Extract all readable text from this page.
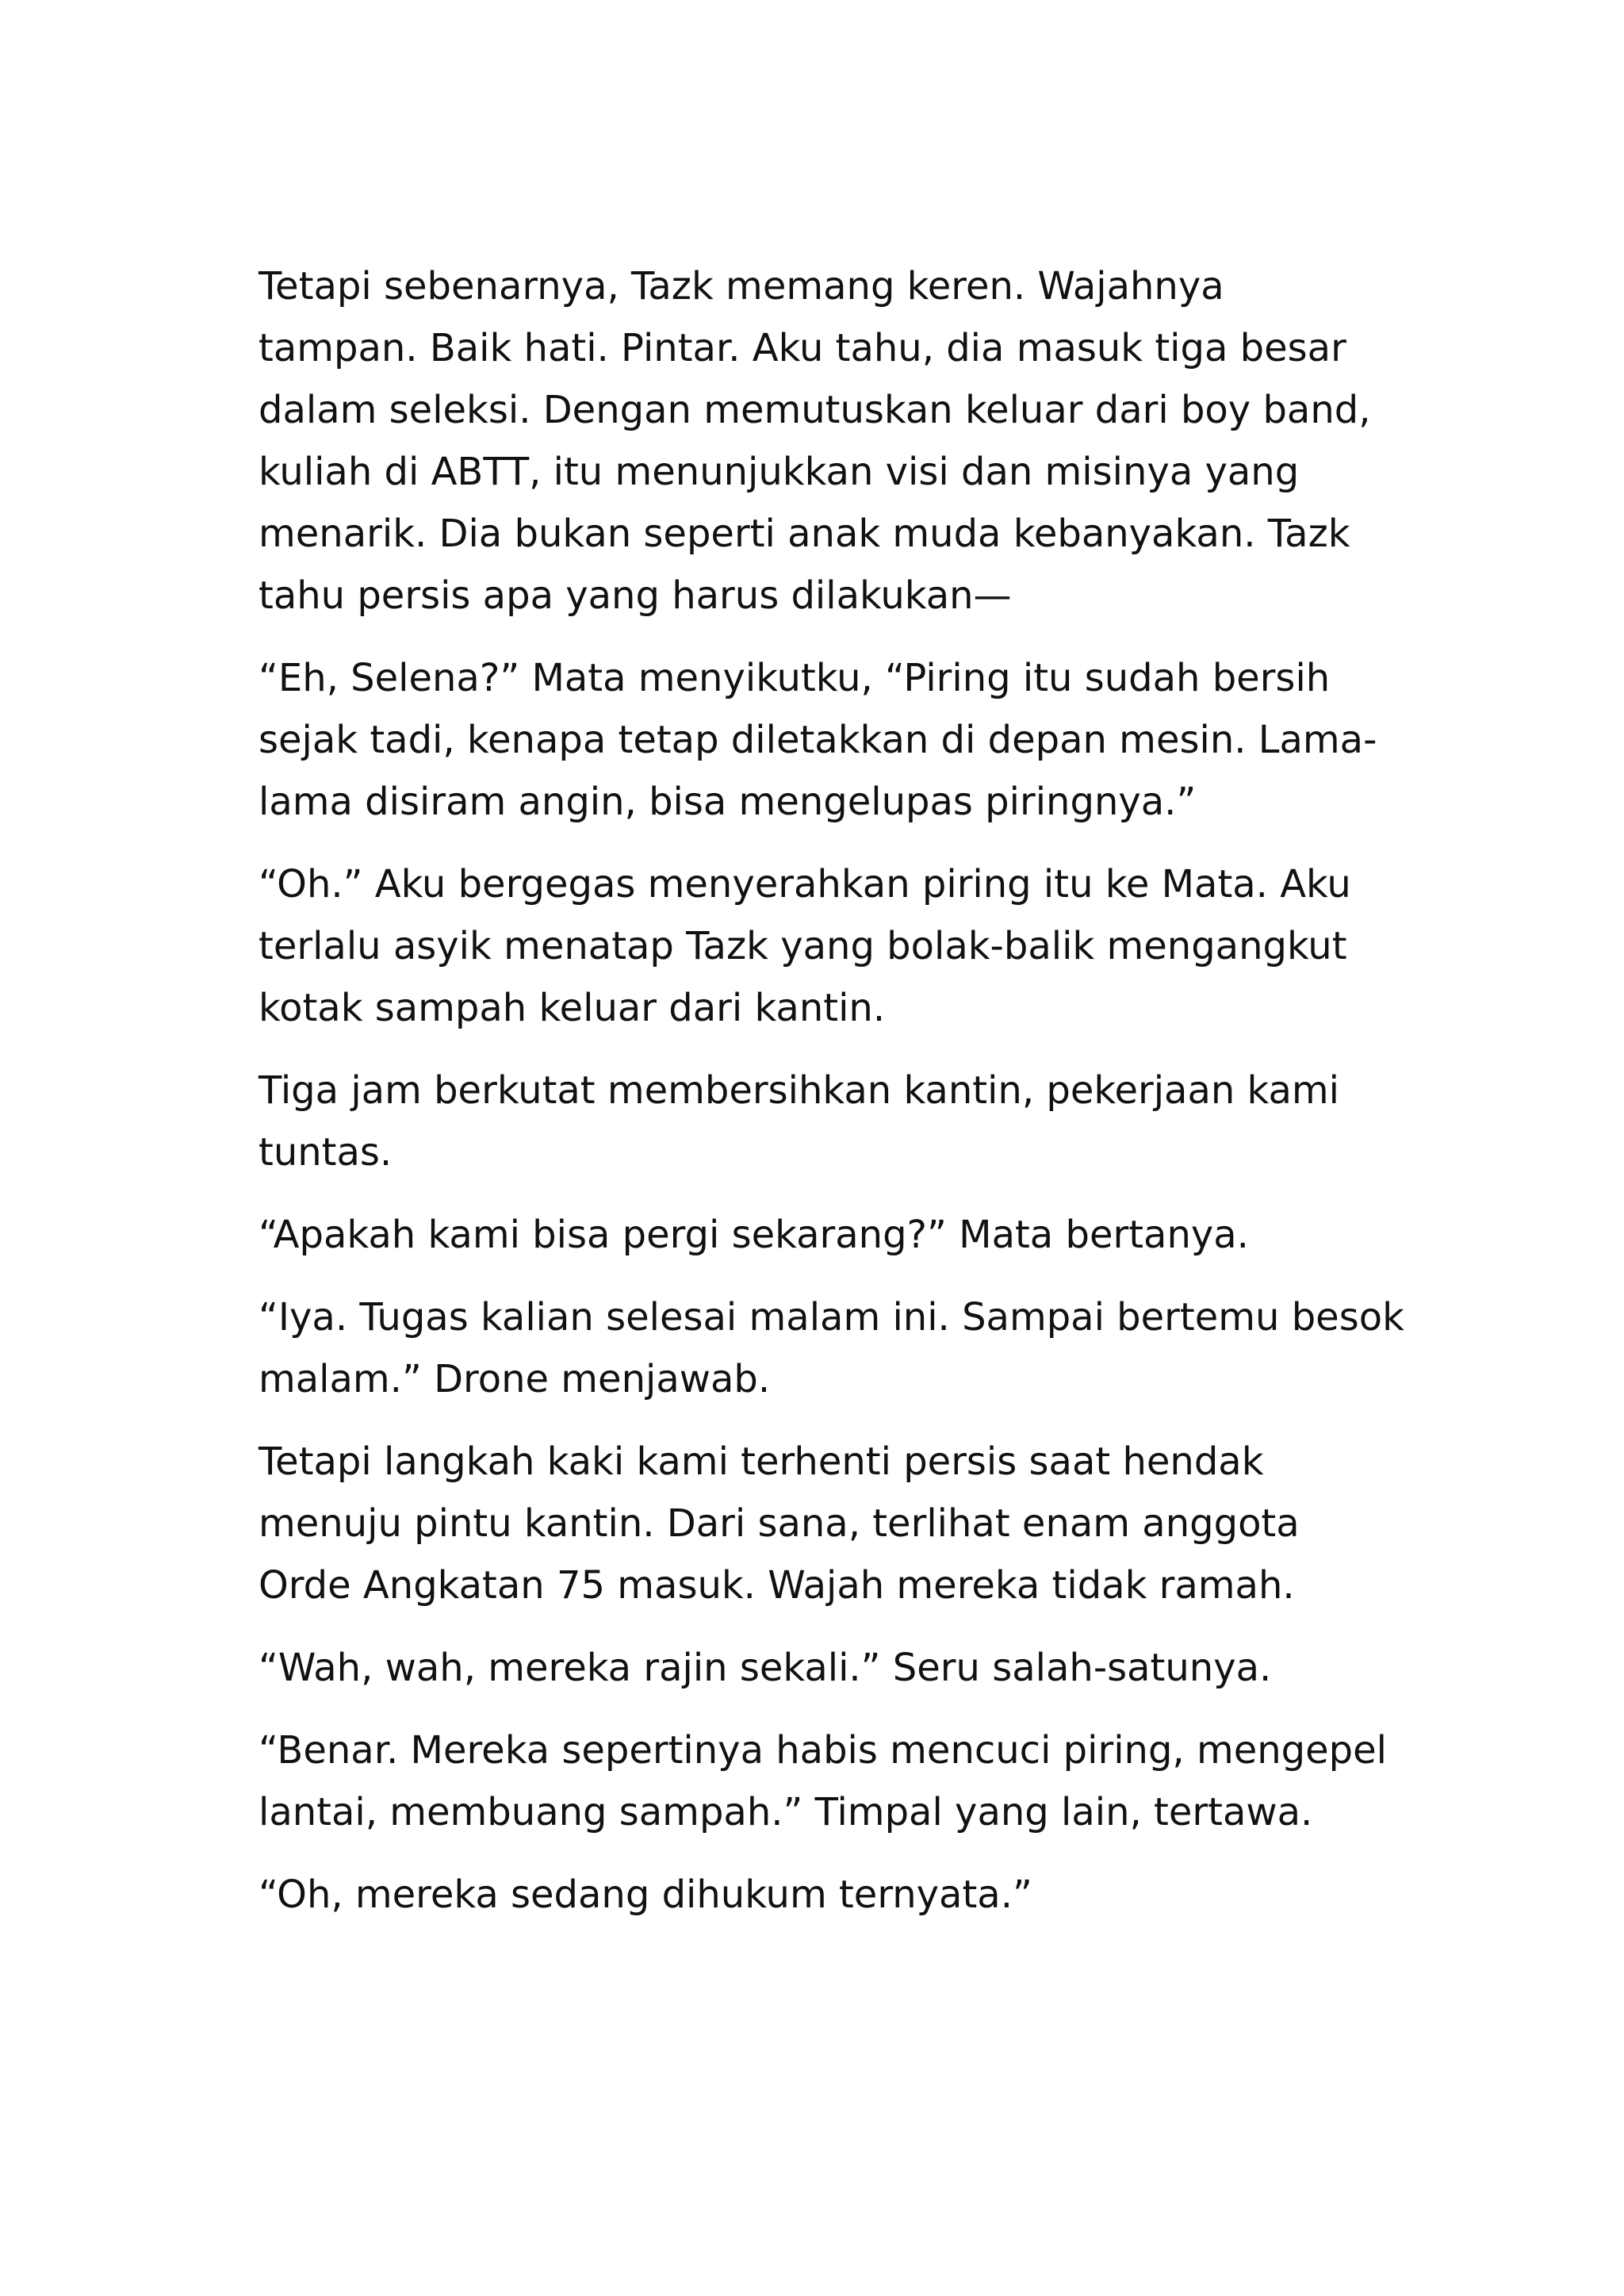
Tetapi sebenarnya, Tazk memang keren. Wajahnya
tampan. Baik hati. Pintar. Aku tahu, dia masuk tiga besar
dalam seleksi. Dengan memutuskan keluar dari boy band,
kuliah di ABTT, itu menunjukkan visi dan misinya yang
menarik. Dia bukan seperti anak muda kebanyakan. Tazk
tahu persis apa yang harus dilakukan—
“Eh, Selena?” Mata menyikutku, “Piring itu sudah bersih
sejak tadi, kenapa tetap diletakkan di depan mesin. Lama-
lama disiram angin, bisa mengelupas piringnya.”
“Oh.” Aku bergegas menyerahkan piring itu ke Mata. Aku
terlalu asyik menatap Tazk yang bolak-balik mengangkut
kotak sampah keluar dari kantin.
Tiga jam berkutat membersihkan kantin, pekerjaan kami
tuntas.
“Apakah kami bisa pergi sekarang?” Mata bertanya.
“Iya. Tugas kalian selesai malam ini. Sampai bertemu besok
malam.” Drone menjawab.
Tetapi langkah kaki kami terhenti persis saat hendak
menuju pintu kantin. Dari sana, terlihat enam anggota
Orde Angkatan 75 masuk. Wajah mereka tidak ramah.
“Wah, wah, mereka rajin sekali.” Seru salah-satunya.
“Benar. Mereka sepertinya habis mencuci piring, mengepel
lantai, membuang sampah.” Timpal yang lain, tertawa.
“Oh, mereka sedang dihukum ternyata.”
